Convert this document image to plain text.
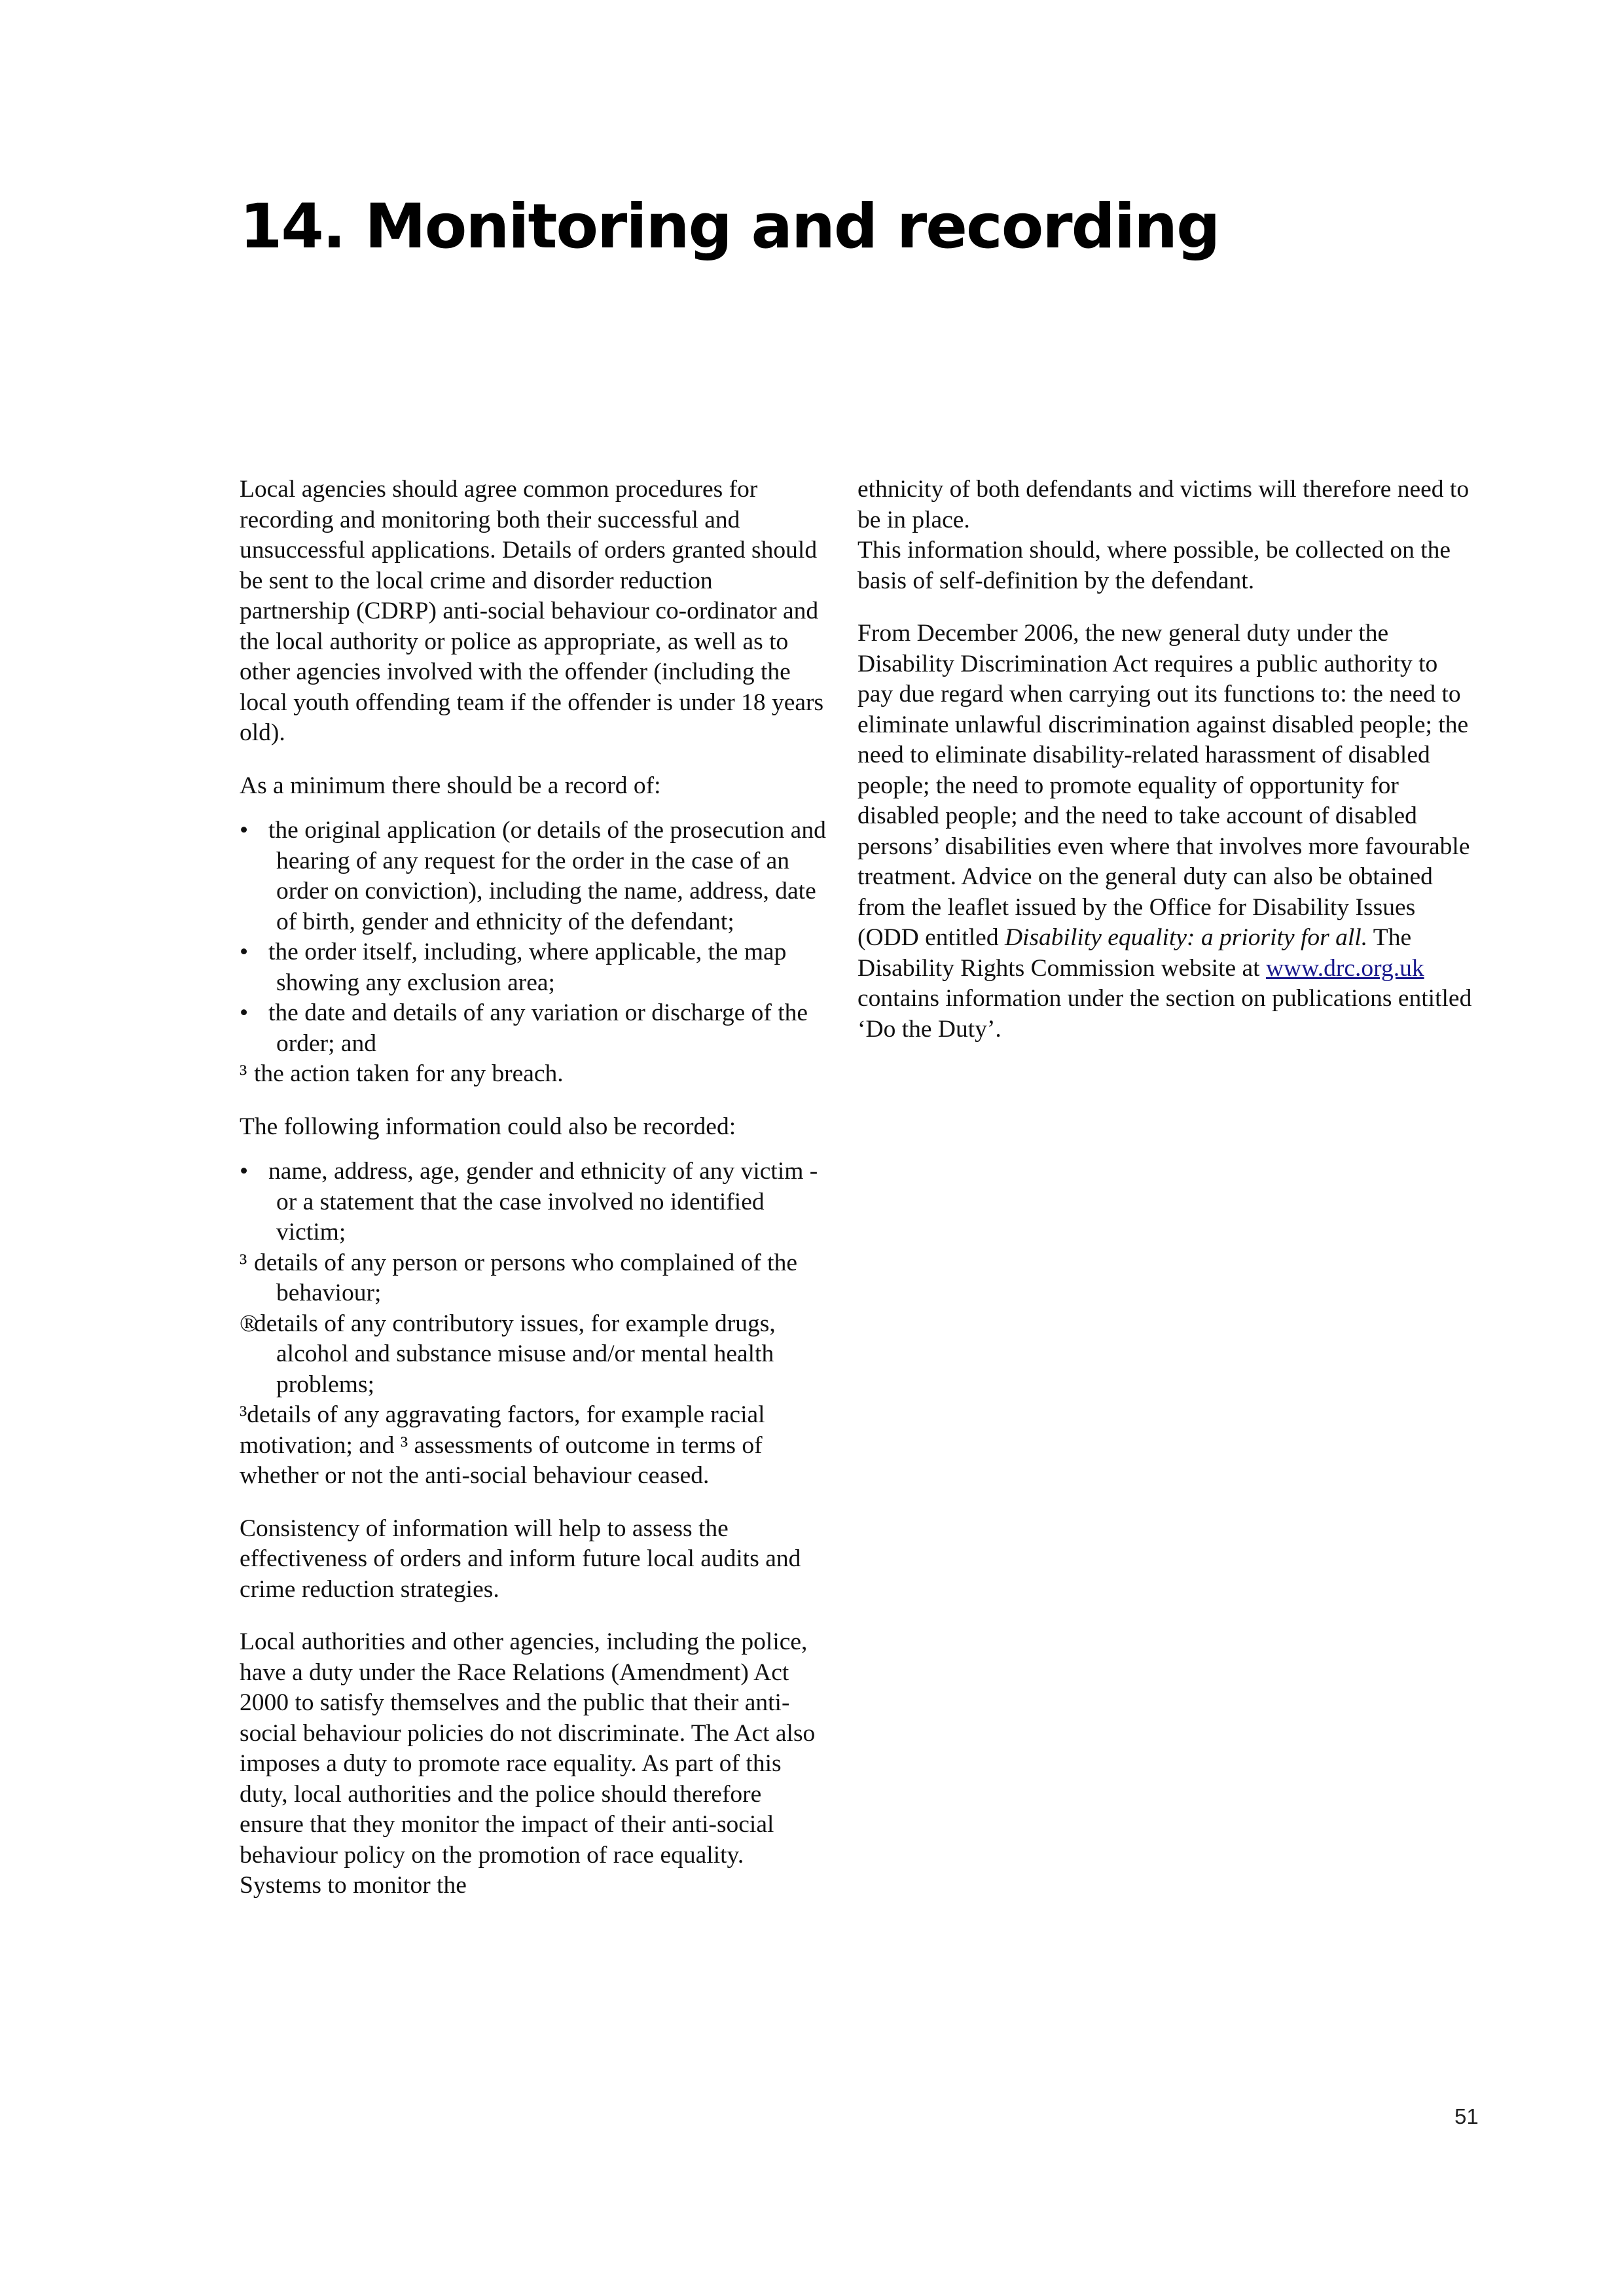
14. Monitoring and recording

Local agencies should agree common procedures for recording and monitoring both their successful and unsuccessful applications. Details of orders granted should be sent to the local crime and disorder reduction partnership (CDRP) anti-social behaviour co-ordinator and the local authority or police as appropriate, as well as to other agencies involved with the offender (including the local youth offending team if the offender is under 18 years old).

As a minimum there should be a record of:

• the original application (or details of the prosecution and hearing of any request for the order in the case of an order on conviction), including the name, address, date of birth, gender and ethnicity of the defendant;
• the order itself, including, where applicable, the map showing any exclusion area;
• the date and details of any variation or discharge of the order; and
³ the action taken for any breach.

The following information could also be recorded:

• name, address, age, gender and ethnicity of any victim - or a statement that the case involved no identified victim;
³ details of any person or persons who complained of the behaviour;
®details of any contributory issues, for example drugs, alcohol and substance misuse and/or mental health problems;

³details of any aggravating factors, for example racial motivation; and ³ assessments of outcome in terms of whether or not the anti-social behaviour ceased.

Consistency of information will help to assess the effectiveness of orders and inform future local audits and crime reduction strategies.

Local authorities and other agencies, including the police, have a duty under the Race Relations (Amendment) Act 2000 to satisfy themselves and the public that their anti-social behaviour policies do not discriminate. The Act also imposes a duty to promote race equality. As part of this duty, local authorities and the police should therefore ensure that they monitor the impact of their anti-social behaviour policy on the promotion of race equality. Systems to monitor the

ethnicity of both defendants and victims will therefore need to be in place.

This information should, where possible, be collected on the basis of self-definition by the defendant.

From December 2006, the new general duty under the Disability Discrimination Act requires a public authority to pay due regard when carrying out its functions to: the need to eliminate unlawful discrimination against disabled people; the need to eliminate disability-related harassment of disabled people; the need to promote equality of opportunity for disabled people; and the need to take account of disabled persons’ disabilities even where that involves more favourable treatment. Advice on the general duty can also be obtained from the leaflet issued by the Office for Disability Issues (ODD entitled Disability equality: a priority for all. The Disability Rights Commission website at www.drc.org.uk contains information under the section on publications entitled ‘Do the Duty’.

51
